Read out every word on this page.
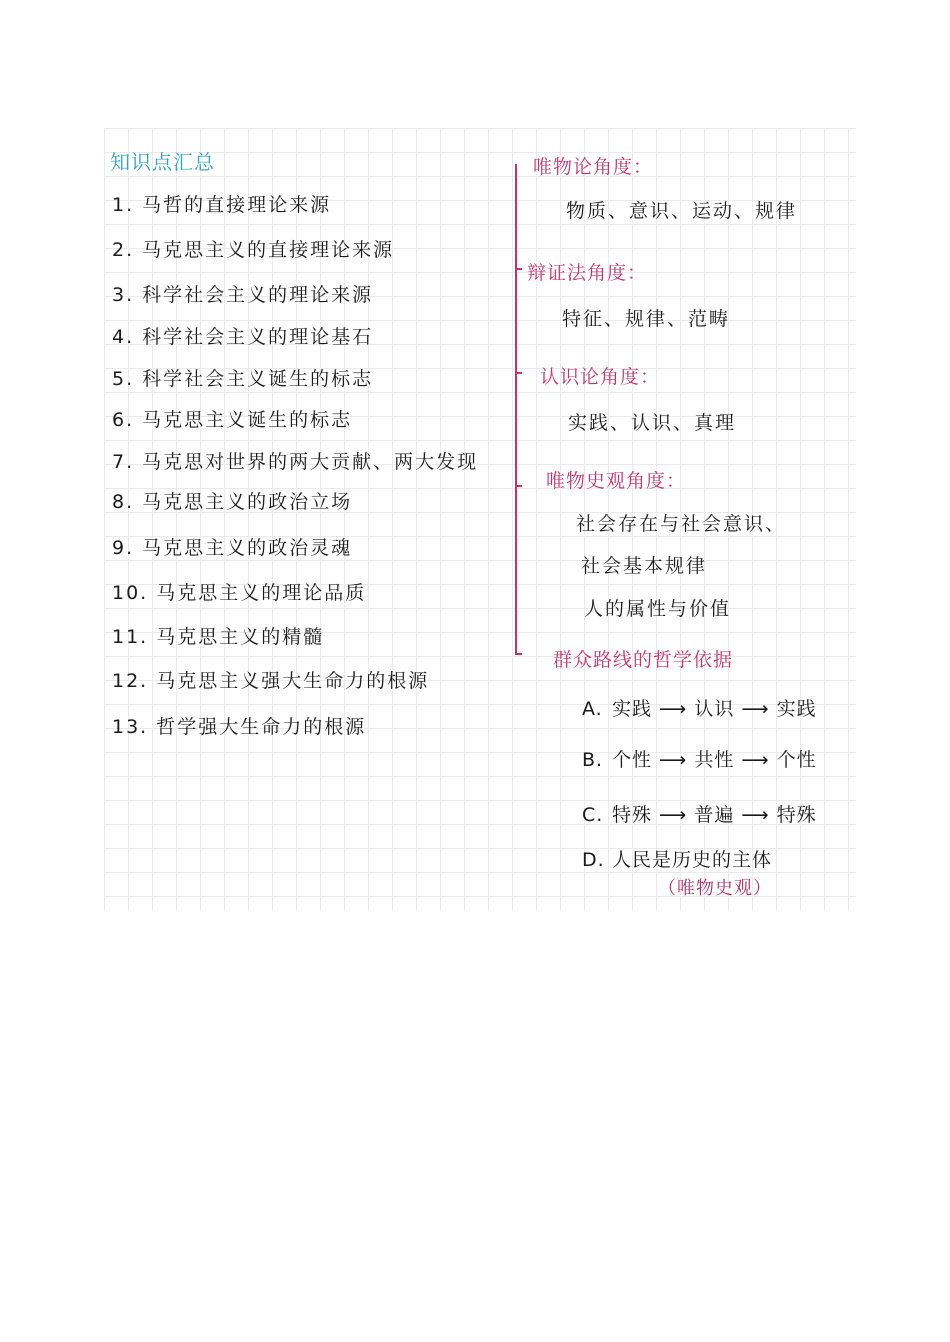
知识点汇总
1. 马哲的直接理论来源
2. 马克思主义的直接理论来源
3. 科学社会主义的理论来源
4. 科学社会主义的理论基石
5. 科学社会主义诞生的标志
6. 马克思主义诞生的标志
7. 马克思对世界的两大贡献、两大发现
8. 马克思主义的政治立场
9. 马克思主义的政治灵魂
10. 马克思主义的理论品质
11. 马克思主义的精髓
12. 马克思主义强大生命力的根源
13. 哲学强大生命力的根源
唯物论角度：
物质、意识、运动、规律
辩证法角度：
特征、规律、范畴
认识论角度：
实践、认识、真理
唯物史观角度：
社会存在与社会意识、
社会基本规律
人的属性与价值
群众路线的哲学依据
A. 实践 ⟶ 认识 ⟶ 实践
B. 个性 ⟶ 共性 ⟶ 个性
C. 特殊 ⟶ 普遍 ⟶ 特殊
D. 人民是历史的主体
（唯物史观）
